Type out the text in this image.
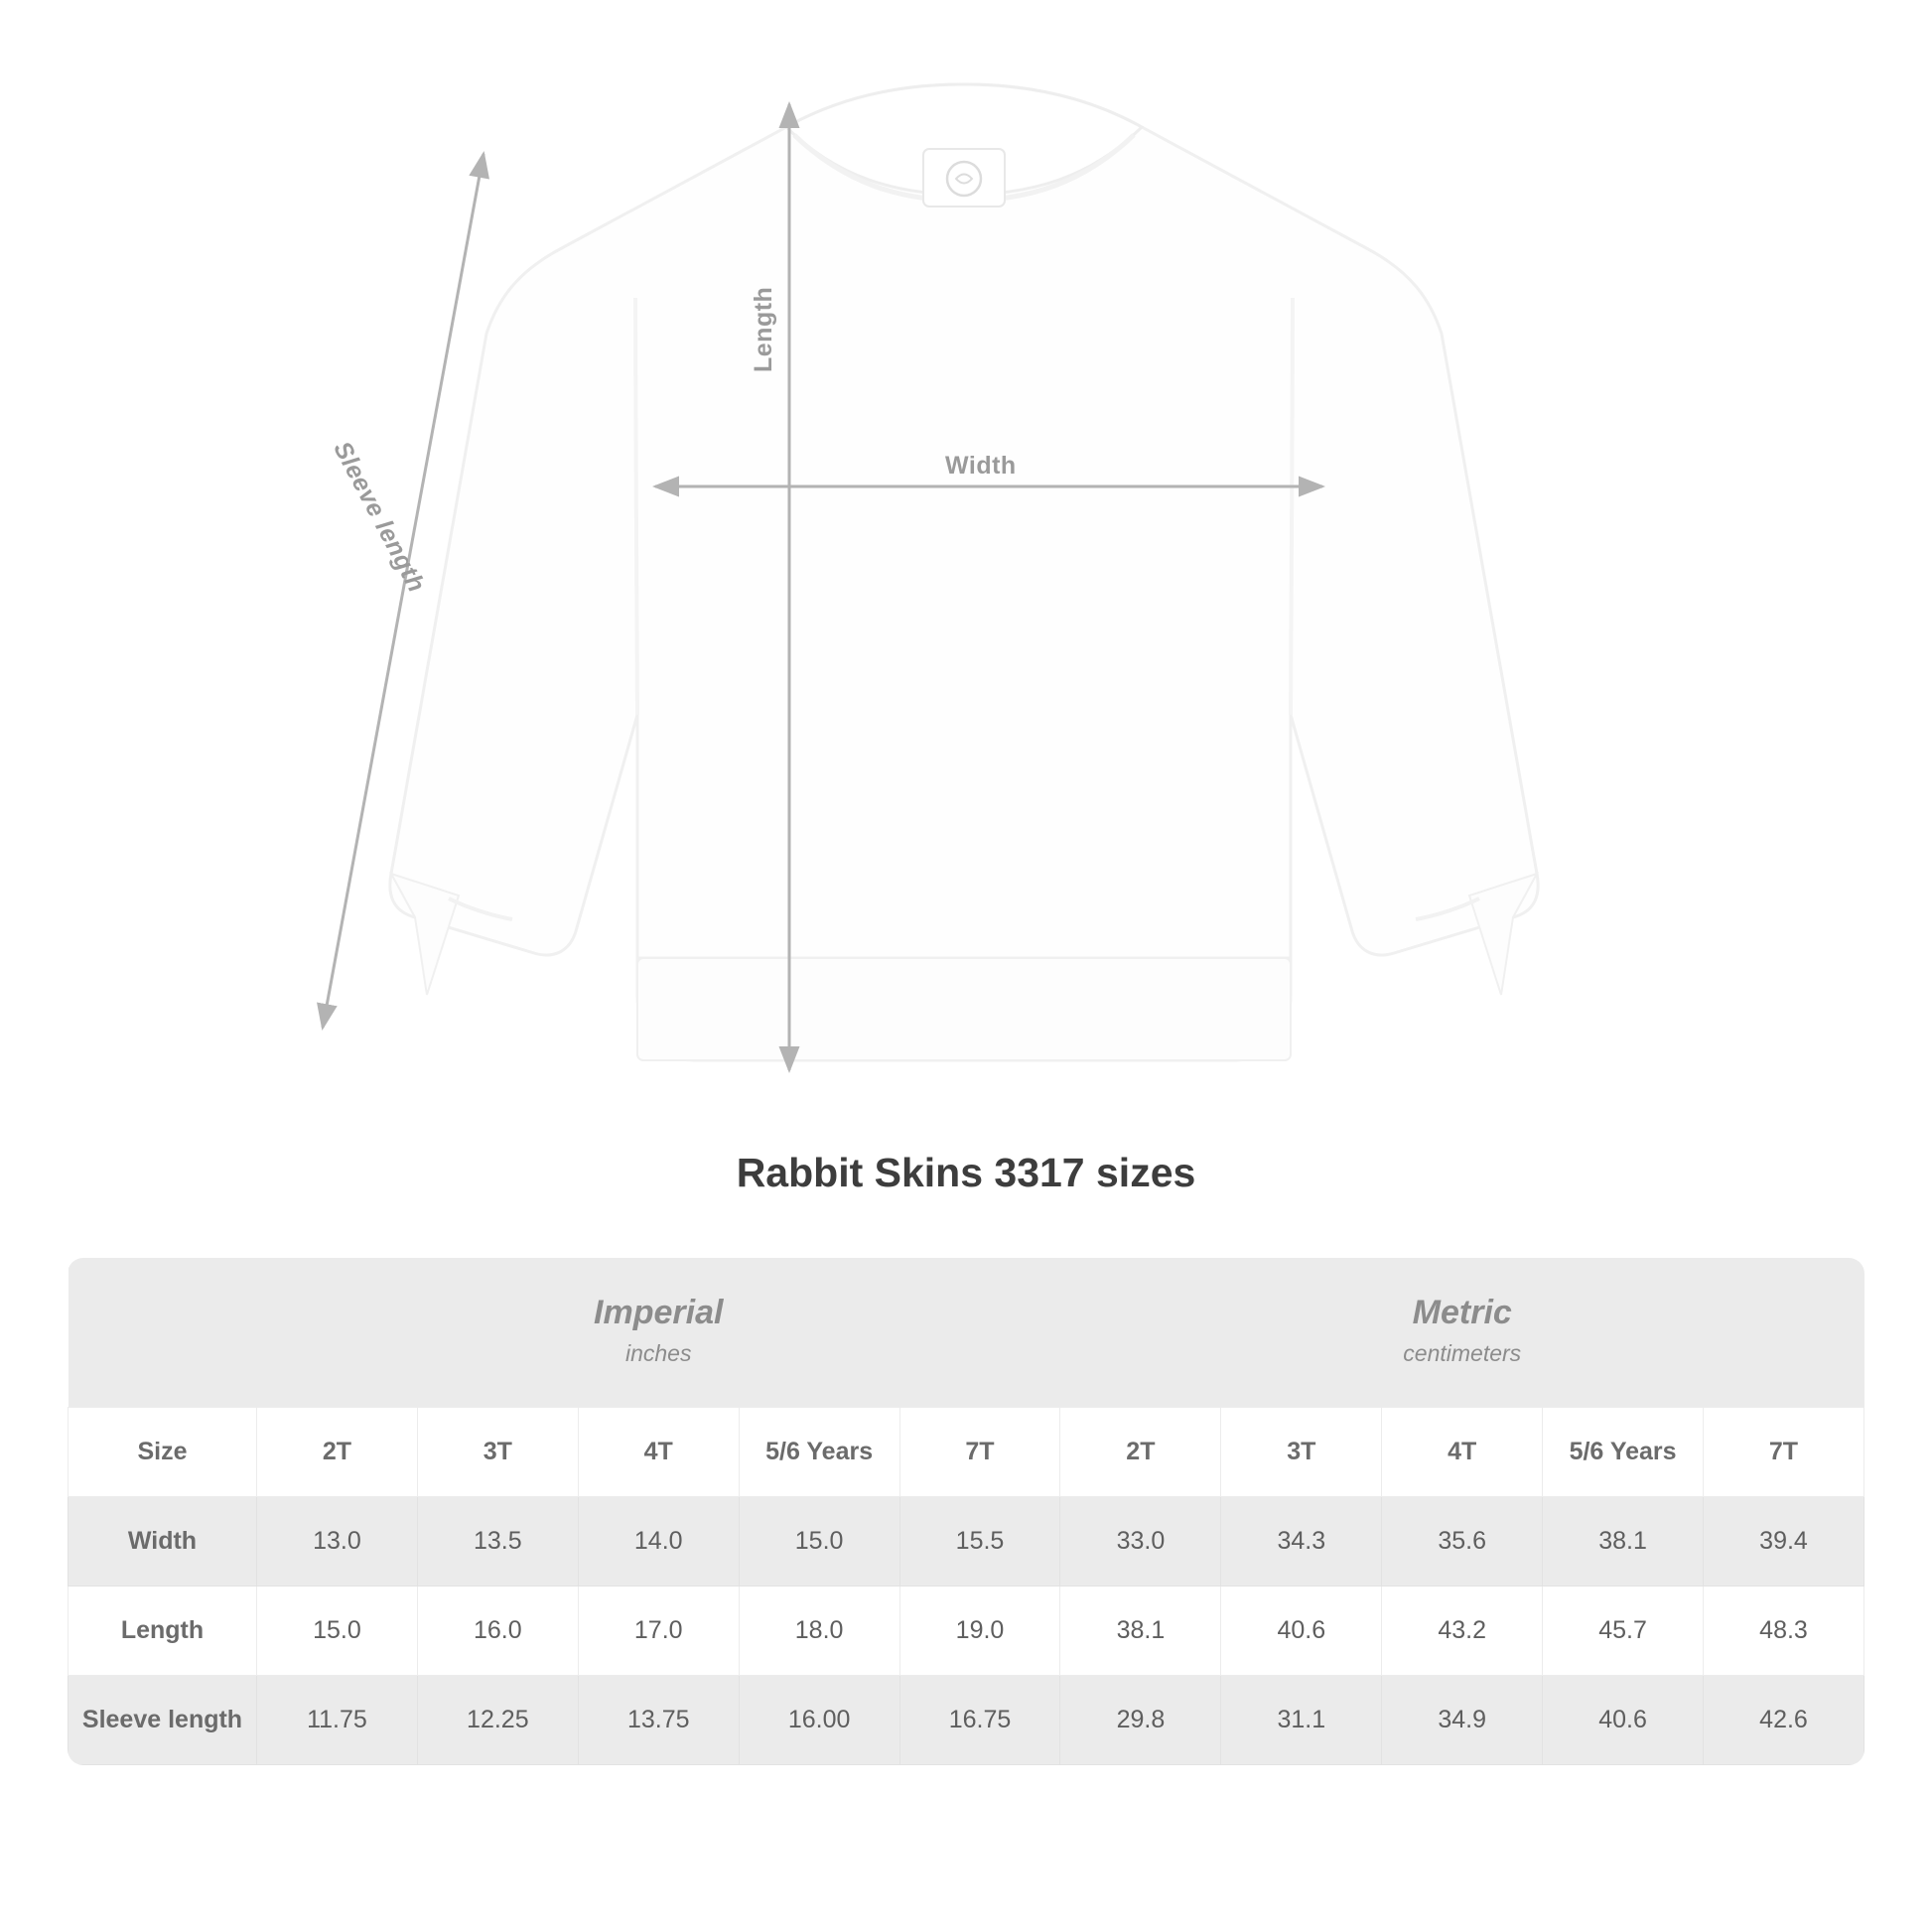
Width
Length
Sleeve length
Rabbit Skins 3317 sizes

Imperial
inches

Metric
centimeters

Size	2T	3T	4T	5/6 Years	7T	2T	3T	4T	5/6 Years	7T
Width	13.0	13.5	14.0	15.0	15.5	33.0	34.3	35.6	38.1	39.4
Length	15.0	16.0	17.0	18.0	19.0	38.1	40.6	43.2	45.7	48.3
Sleeve length	11.75	12.25	13.75	16.00	16.75	29.8	31.1	34.9	40.6	42.6
